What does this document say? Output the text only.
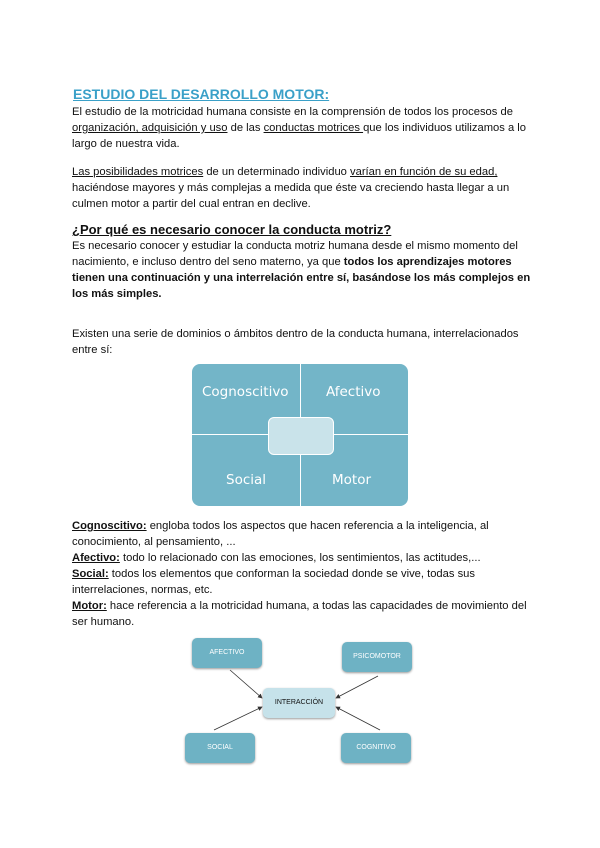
ESTUDIO DEL DESARROLLO MOTOR:

El estudio de la motricidad humana consiste en la comprensión de todos los procesos de organización, adquisición y uso de las conductas motrices que los individuos utilizamos a lo largo de nuestra vida.

Las posibilidades motrices de un determinado individuo varían en función de su edad, haciéndose mayores y más complejas a medida que éste va creciendo hasta llegar a un culmen motor a partir del cual entran en declive.

¿Por qué es necesario conocer la conducta motriz?

Es necesario conocer y estudiar la conducta motriz humana desde el mismo momento del nacimiento, e incluso dentro del seno materno, ya que todos los aprendizajes motores tienen una continuación y una interrelación entre sí, basándose los más complejos en los más simples.

Existen una serie de dominios o ámbitos dentro de la conducta humana, interrelacionados entre sí:

Cognoscitivo	Afectivo
Social	Motor
Cognoscitivo: engloba todos los aspectos que hacen referencia a la inteligencia, al conocimiento, al pensamiento, ...
Afectivo: todo lo relacionado con las emociones, los sentimientos, las actitudes,...
Social: todos los elementos que conforman la sociedad donde se vive, todas sus interrelaciones, normas, etc.
Motor: hace referencia a la motricidad humana, a todas las capacidades de movimiento del ser humano.
AFECTIVO
PSICOMOTOR
SOCIAL	COGNITIVO
INTERACCIÓN
